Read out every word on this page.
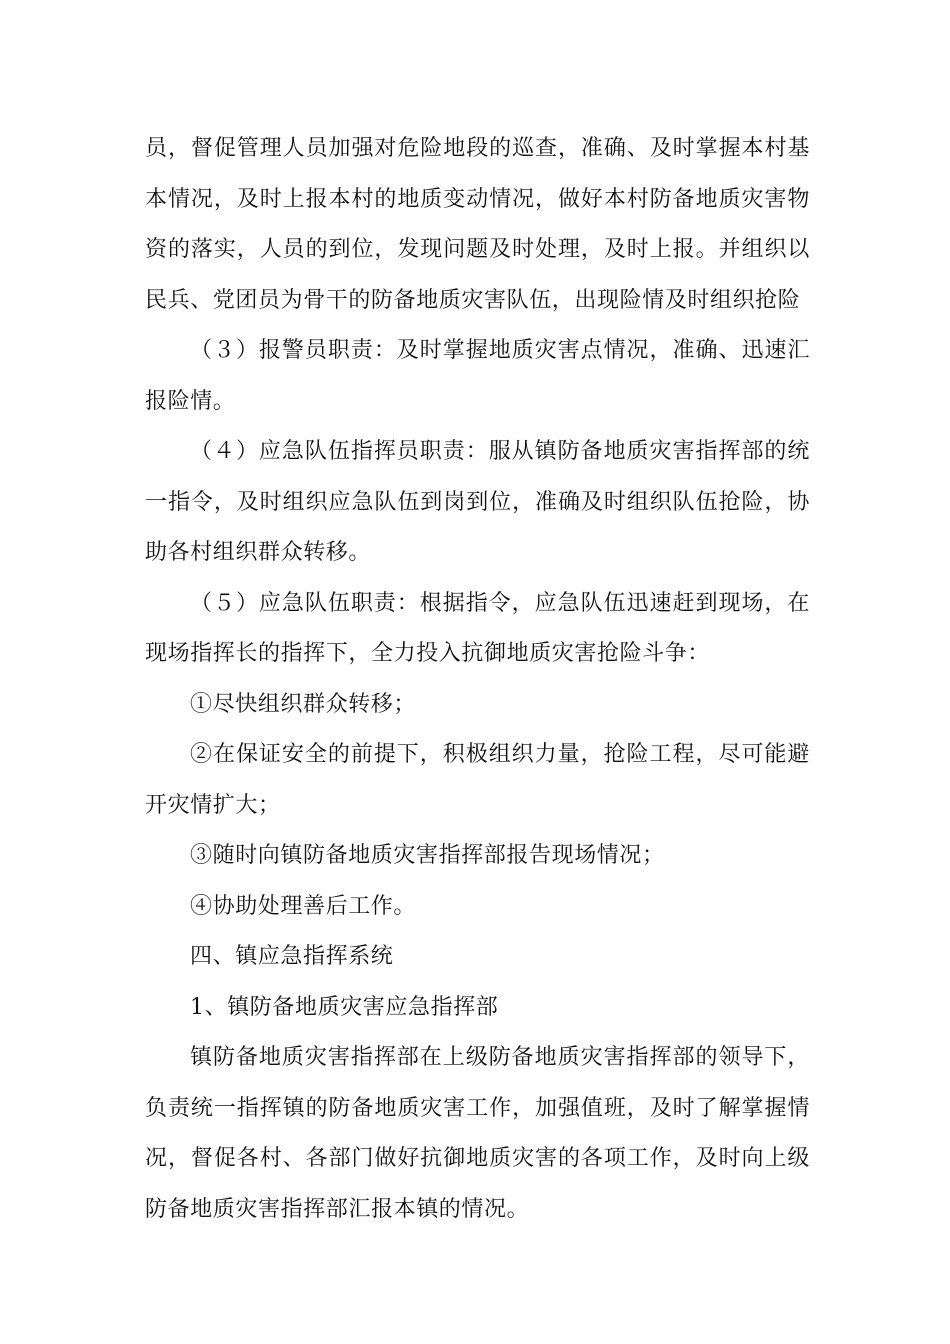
员，督促管理人员加强对危险地段的巡查，准确、及时掌握本村基本情况，及时上报本村的地质变动情况，做好本村防备地质灾害物资的落实，人员的到位，发现问题及时处理，及时上报。并组织以民兵、党团员为骨干的防备地质灾害队伍，出现险情及时组织抢险

（３）报警员职责：及时掌握地质灾害点情况，准确、迅速汇报险情。

（４）应急队伍指挥员职责：服从镇防备地质灾害指挥部的统一指令，及时组织应急队伍到岗到位，准确及时组织队伍抢险，协助各村组织群众转移。

（５）应急队伍职责：根据指令，应急队伍迅速赶到现场，在现场指挥长的指挥下，全力投入抗御地质灾害抢险斗争：

①尽快组织群众转移；

②在保证安全的前提下，积极组织力量，抢险工程，尽可能避开灾情扩大；

③随时向镇防备地质灾害指挥部报告现场情况；

④协助处理善后工作。

四、镇应急指挥系统

1、镇防备地质灾害应急指挥部

镇防备地质灾害指挥部在上级防备地质灾害指挥部的领导下，负责统一指挥镇的防备地质灾害工作，加强值班，及时了解掌握情况，督促各村、各部门做好抗御地质灾害的各项工作，及时向上级防备地质灾害指挥部汇报本镇的情况。
